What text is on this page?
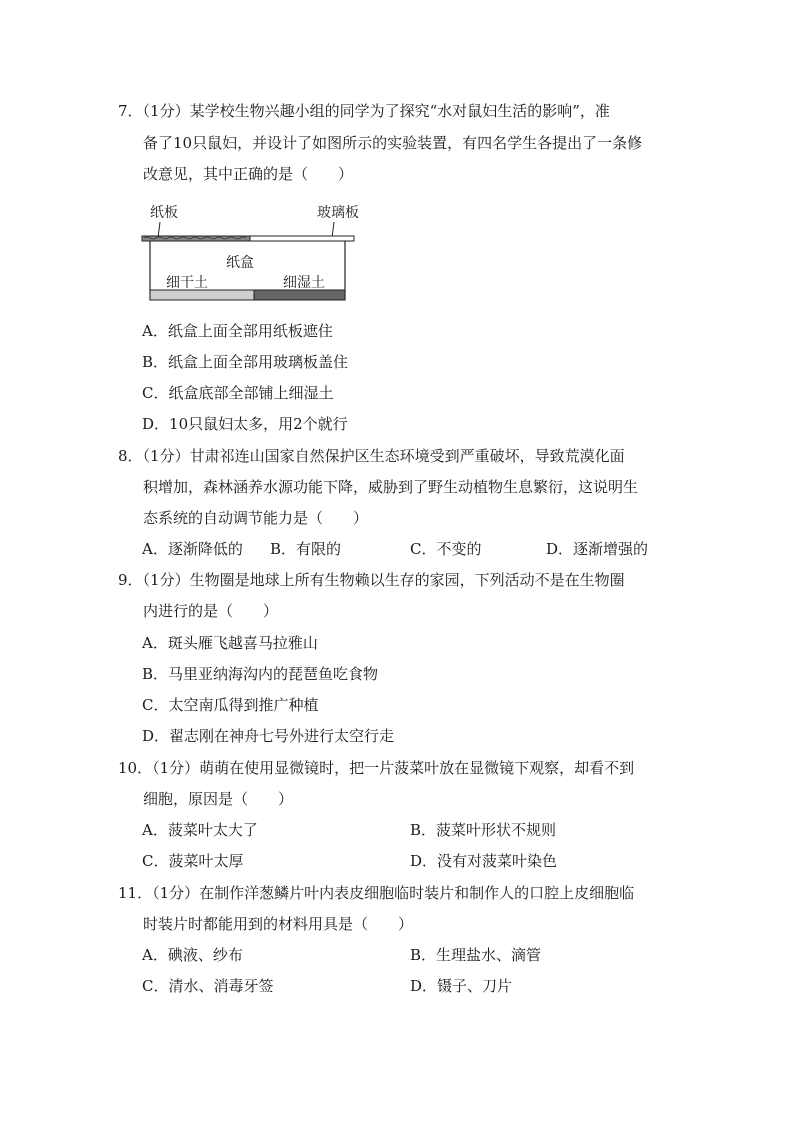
7．（1分）某学校生物兴趣小组的同学为了探究“水对鼠妇生活的影响”，准
备了10只鼠妇，并设计了如图所示的实验装置，有四名学生各提出了一条修
改意见，其中正确的是（　　）
纸板	玻璃板
纸盒
细干土	细湿土
A．纸盒上面全部用纸板遮住
B．纸盒上面全部用玻璃板盖住
C．纸盒底部全部铺上细湿土
D．10只鼠妇太多，用2个就行
8．（1分）甘肃祁连山国家自然保护区生态环境受到严重破坏，导致荒漠化面
积增加，森林涵养水源功能下降，威胁到了野生动植物生息繁衍，这说明生
态系统的自动调节能力是（　　）
A．逐渐降低的 B．有限的	C．不变的	D．逐渐增强的
9．（1分）生物圈是地球上所有生物赖以生存的家园，下列活动不是在生物圈
内进行的是（　　）
A．斑头雁飞越喜马拉雅山
B．马里亚纳海沟内的琵琶鱼吃食物
C．太空南瓜得到推广种植
D．翟志刚在神舟七号外进行太空行走
10．（1分）萌萌在使用显微镜时，把一片菠菜叶放在显微镜下观察，却看不到
细胞，原因是（　　）
A．菠菜叶太大了	B．菠菜叶形状不规则
C．菠菜叶太厚	D．没有对菠菜叶染色
11．（1分）在制作洋葱鳞片叶内表皮细胞临时装片和制作人的口腔上皮细胞临
时装片时都能用到的材料用具是（　　）
A．碘液、纱布	B．生理盐水、滴管
C．清水、消毒牙签	D．镊子、刀片
